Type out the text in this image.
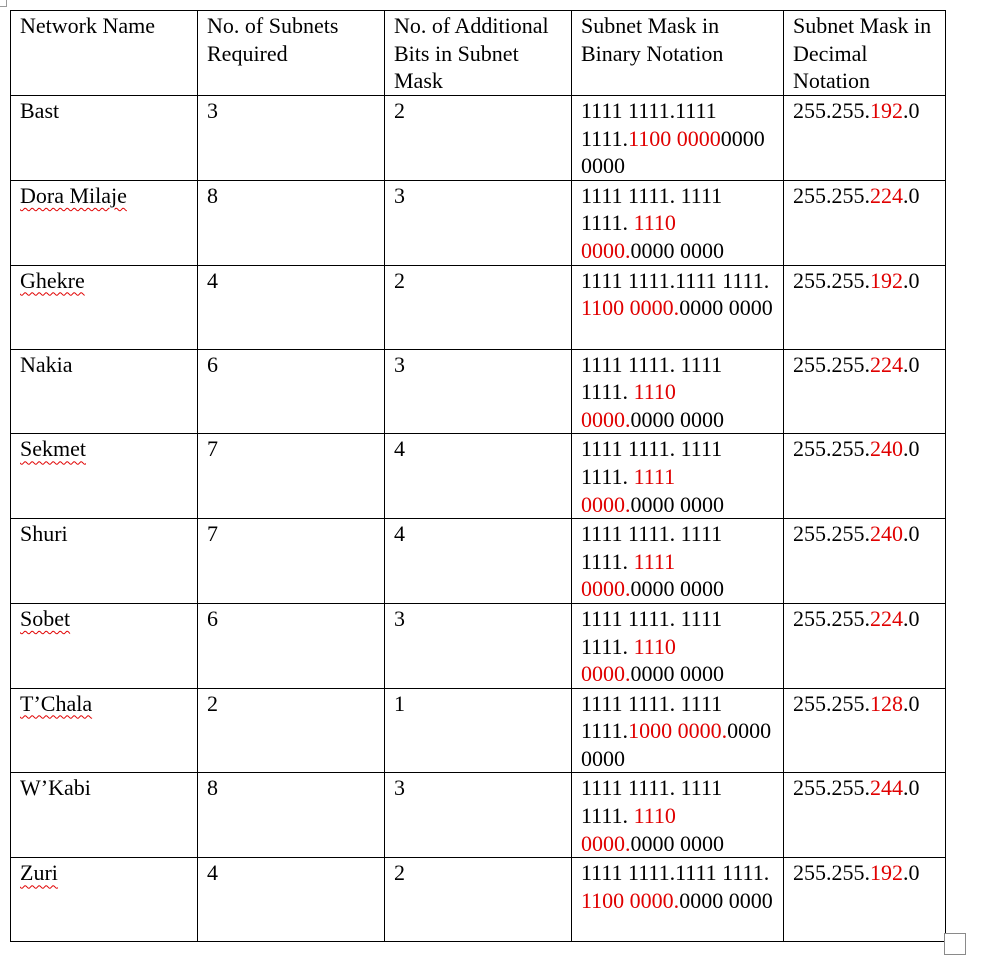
Network Name	No. of Subnets Required	No. of Additional Bits in Subnet Mask	Subnet Mask in Binary Notation	Subnet Mask in Decimal Notation

Bast	3	2	1111 1111.1111 1111.1100 00000000 0000	255.255.192.0

Dora Milaje	8	3	1111 1111. 1111 1111. 1110 0000.0000 0000	255.255.224.0

Ghekre	4	2	1111 1111.1111 1111. 1100 0000.0000 0000	255.255.192.0

Nakia	6	3	1111 1111. 1111 1111. 1110 0000.0000 0000	255.255.224.0

Sekmet	7	4	1111 1111. 1111 1111. 1111 0000.0000 0000	255.255.240.0

Shuri	7	4	1111 1111. 1111 1111. 1111 0000.0000 0000	255.255.240.0

Sobet	6	3	1111 1111. 1111 1111. 1110 0000.0000 0000	255.255.224.0

T’Chala	2	1	1111 1111. 1111 1111.1000 0000.0000 0000	255.255.128.0

W’Kabi	8	3	1111 1111. 1111 1111. 1110 0000.0000 0000	255.255.244.0

Zuri	4	2	1111 1111.1111 1111. 1100 0000.0000 0000	255.255.192.0
